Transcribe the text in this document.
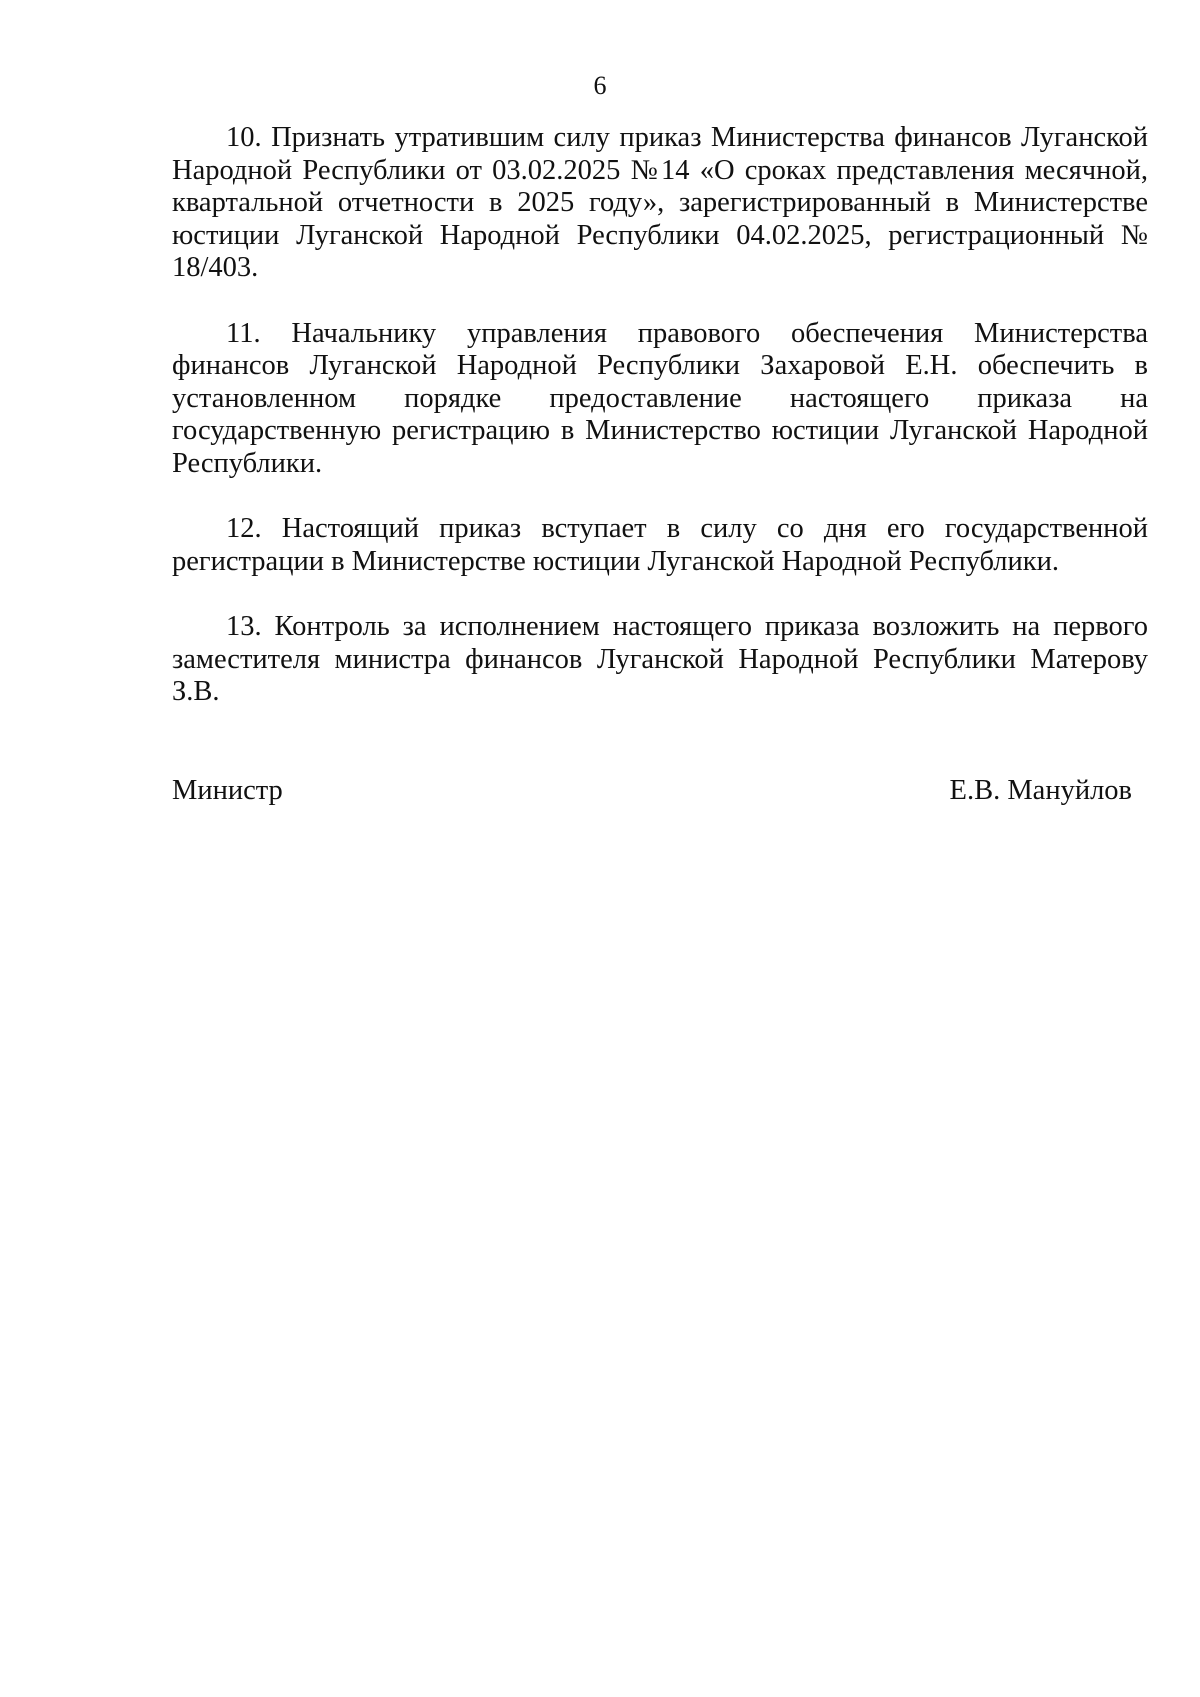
6

10. Признать утратившим силу приказ Министерства финансов Луганской Народной Республики от 03.02.2025 №14 «О сроках представления месячной, квартальной отчетности в 2025 году», зарегистрированный в Министерстве юстиции Луганской Народной Республики 04.02.2025, регистрационный № 18/403.

11. Начальнику управления правового обеспечения Министерства финансов Луганской Народной Республики Захаровой Е.Н. обеспечить в установленном порядке предоставление настоящего приказа на государственную регистрацию в Министерство юстиции Луганской Народной Республики.

12. Настоящий приказ вступает в силу со дня его государственной регистрации в Министерстве юстиции Луганской Народной Республики.

13. Контроль за исполнением настоящего приказа возложить на первого заместителя министра финансов Луганской Народной Республики Матерову З.В.

Министр	Е.В. Мануйлов
